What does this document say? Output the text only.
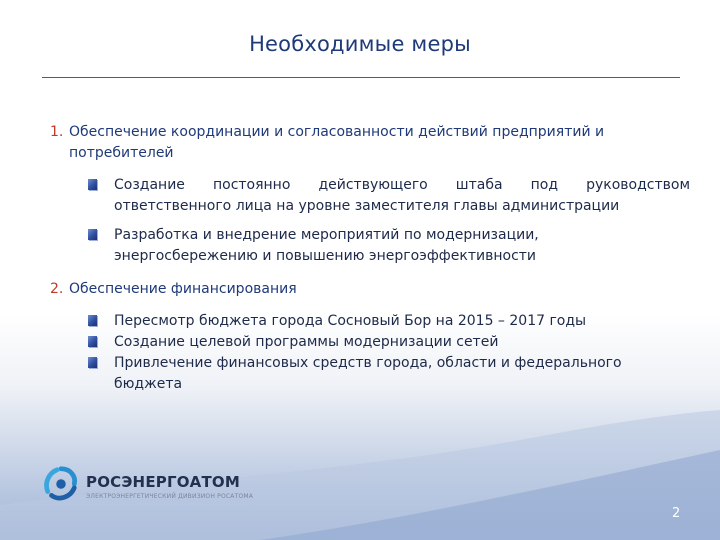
Необходимые меры
1. Обеспечение координации и согласованности действий предприятий и
потребителей
Создание постоянно действующего штаба под руководством
ответственного лица на уровне заместителя главы администрации
Разработка и внедрение мероприятий по модернизации,
энергосбережению и повышению энергоэффективности
2. Обеспечение финансирования
Пересмотр бюджета города Сосновый Бор на 2015 – 2017 годы
Создание целевой программы модернизации сетей
Привлечение финансовых средств города, области и федерального
бюджета
РОСЭНЕРГОАТОМ
ЭЛЕКТРОЭНЕРГЕТИЧЕСКИЙ ДИВИЗИОН РОСАТОМА
2
